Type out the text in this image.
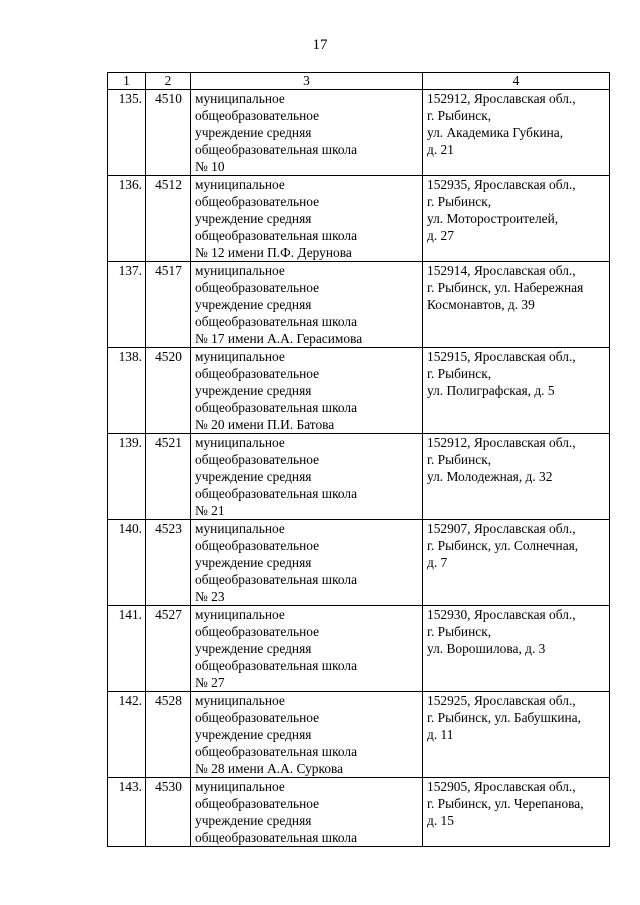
17
1	2	3	4
135.	4510	муниципальное
общеобразовательное
учреждение средняя
общеобразовательная школа
№ 10	152912, Ярославская обл.,
г. Рыбинск,
ул. Академика Губкина,
д. 21
136.	4512	муниципальное
общеобразовательное
учреждение средняя
общеобразовательная школа
№ 12 имени П.Ф. Дерунова	152935, Ярославская обл.,
г. Рыбинск,
ул. Моторостроителей,
д. 27
137.	4517	муниципальное
общеобразовательное
учреждение средняя
общеобразовательная школа
№ 17 имени А.А. Герасимова	152914, Ярославская обл.,
г. Рыбинск, ул. Набережная
Космонавтов, д. 39
138.	4520	муниципальное
общеобразовательное
учреждение средняя
общеобразовательная школа
№ 20 имени П.И. Батова	152915, Ярославская обл.,
г. Рыбинск,
ул. Полиграфская, д. 5
139.	4521	муниципальное
общеобразовательное
учреждение средняя
общеобразовательная школа
№ 21	152912, Ярославская обл.,
г. Рыбинск,
ул. Молодежная, д. 32
140.	4523	муниципальное
общеобразовательное
учреждение средняя
общеобразовательная школа
№ 23	152907, Ярославская обл.,
г. Рыбинск, ул. Солнечная,
д. 7
141.	4527	муниципальное
общеобразовательное
учреждение средняя
общеобразовательная школа
№ 27	152930, Ярославская обл.,
г. Рыбинск,
ул. Ворошилова, д. 3
142.	4528	муниципальное
общеобразовательное
учреждение средняя
общеобразовательная школа
№ 28 имени А.А. Суркова	152925, Ярославская обл.,
г. Рыбинск, ул. Бабушкина,
д. 11
143.	4530	муниципальное
общеобразовательное
учреждение средняя
общеобразовательная школа	152905, Ярославская обл.,
г. Рыбинск, ул. Черепанова,
д. 15
